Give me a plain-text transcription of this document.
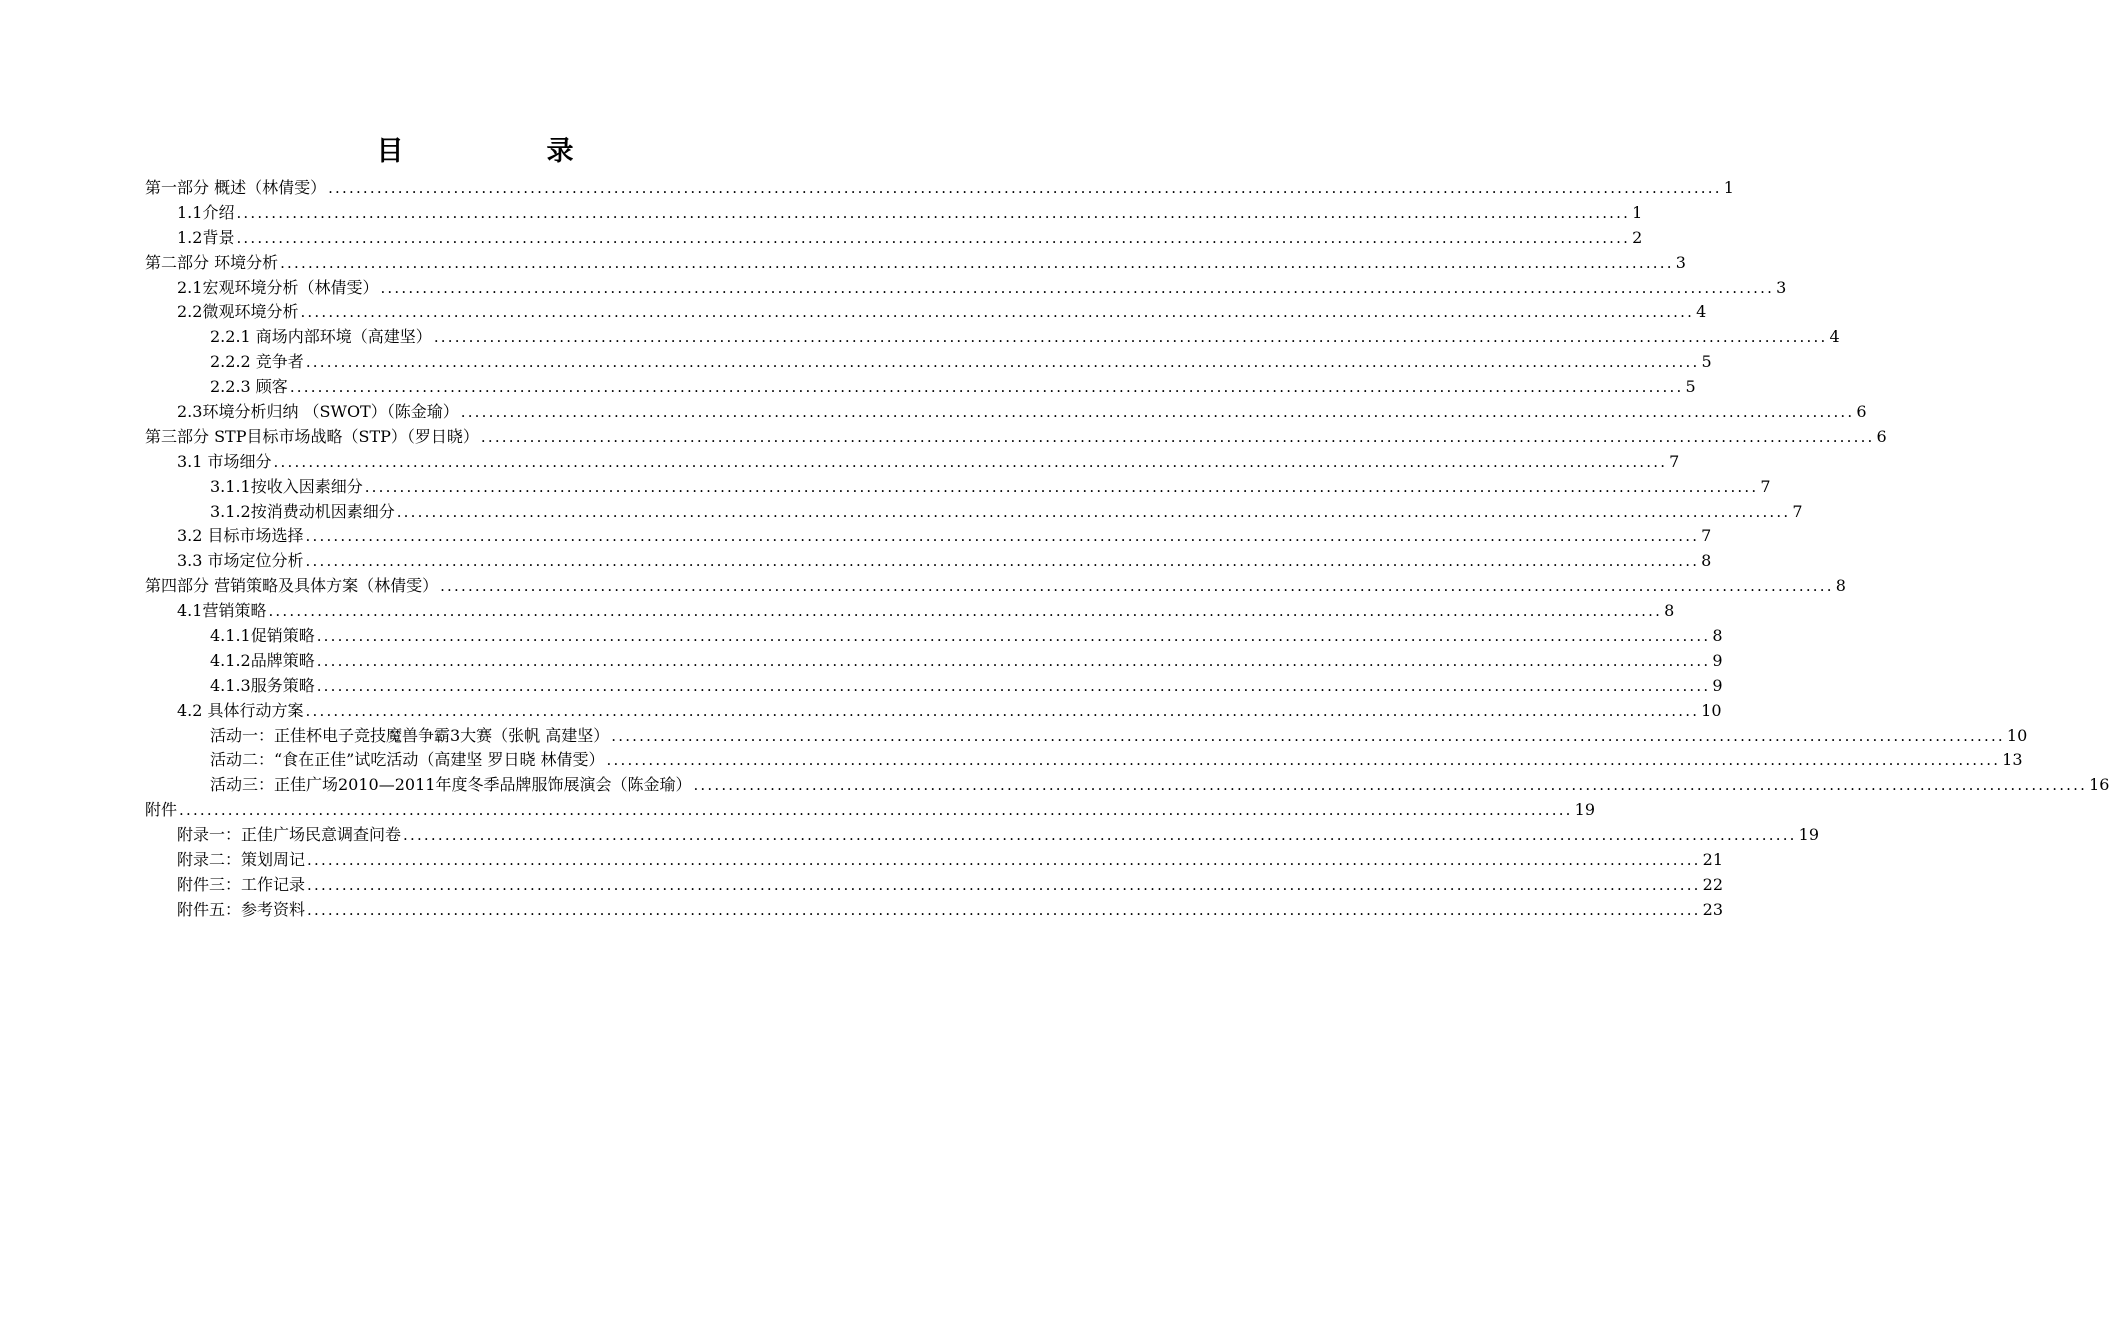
目　录
第一部分 概述（林倩雯） ........................................................................................................................................................................................................ 1
1.1介绍 ........................................................................................................................................................................................................ 1
1.2背景 ........................................................................................................................................................................................................ 2
第二部分 环境分析 ........................................................................................................................................................................................................ 3
2.1宏观环境分析（林倩雯） ........................................................................................................................................................................................................ 3
2.2微观环境分析 ........................................................................................................................................................................................................ 4
2.2.1 商场内部环境（高建坚） ........................................................................................................................................................................................................ 4
2.2.2 竞争者 ........................................................................................................................................................................................................ 5
2.2.3 顾客 ........................................................................................................................................................................................................ 5
2.3环境分析归纳 （SWOT）（陈金瑜） ........................................................................................................................................................................................................ 6
第三部分 STP目标市场战略（STP）（罗日晓） ........................................................................................................................................................................................................ 6
3.1 市场细分 ........................................................................................................................................................................................................ 7
3.1.1按收入因素细分 ........................................................................................................................................................................................................ 7
3.1.2按消费动机因素细分 ........................................................................................................................................................................................................ 7
3.2 目标市场选择 ........................................................................................................................................................................................................ 7
3.3 市场定位分析 ........................................................................................................................................................................................................ 8
第四部分 营销策略及具体方案（林倩雯） ........................................................................................................................................................................................................ 8
4.1营销策略 ........................................................................................................................................................................................................ 8
4.1.1促销策略 ........................................................................................................................................................................................................ 8
4.1.2品牌策略 ........................................................................................................................................................................................................ 9
4.1.3服务策略 ........................................................................................................................................................................................................ 9
4.2 具体行动方案 ........................................................................................................................................................................................................ 10
活动一：正佳杯电子竞技魔兽争霸3大赛（张帆 高建坚） ........................................................................................................................................................................................................ 10
活动二：“食在正佳”试吃活动（高建坚 罗日晓 林倩雯） ........................................................................................................................................................................................................ 13
活动三：正佳广场2010—2011年度冬季品牌服饰展演会（陈金瑜） ........................................................................................................................................................................................................ 16
附件 ........................................................................................................................................................................................................ 19
附录一：正佳广场民意调查问卷 ........................................................................................................................................................................................................ 19
附录二：策划周记 ........................................................................................................................................................................................................ 21
附件三：工作记录 ........................................................................................................................................................................................................ 22
附件五：参考资料 ........................................................................................................................................................................................................ 23
